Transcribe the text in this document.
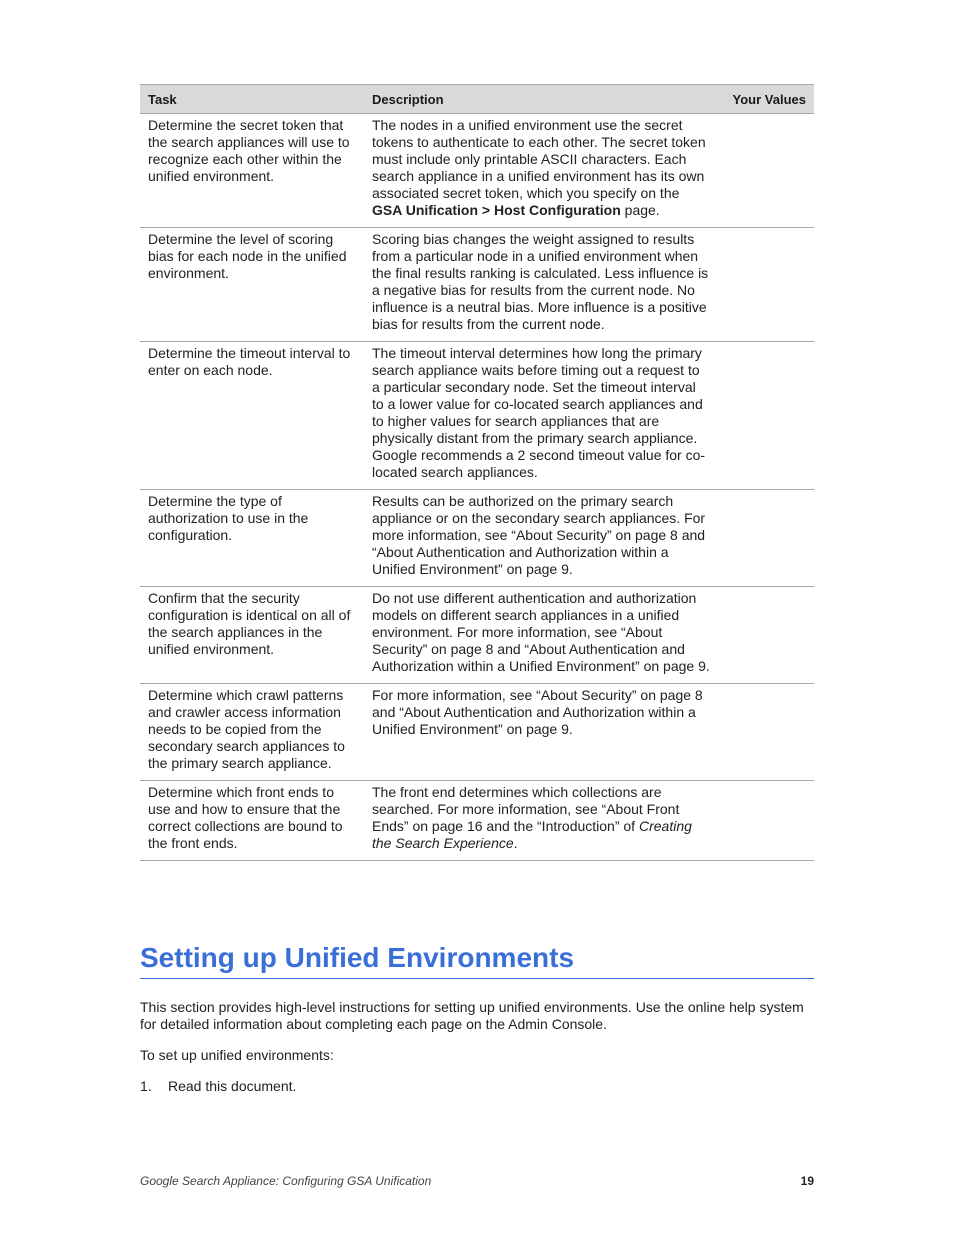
Task	Description	Your Values
Determine the secret token that the search appliances will use to recognize each other within the unified environment.	The nodes in a unified environment use the secret tokens to authenticate to each other. The secret token must include only printable ASCII characters. Each search appliance in a unified environment has its own associated secret token, which you specify on the GSA Unification > Host Configuration page.	
Determine the level of scoring bias for each node in the unified environment.	Scoring bias changes the weight assigned to results from a particular node in a unified environment when the final results ranking is calculated. Less influence is a negative bias for results from the current node. No influence is a neutral bias. More influence is a positive bias for results from the current node.	
Determine the timeout interval to enter on each node.	The timeout interval determines how long the primary search appliance waits before timing out a request to a particular secondary node. Set the timeout interval to a lower value for co-located search appliances and to higher values for search appliances that are physically distant from the primary search appliance. Google recommends a 2 second timeout value for co-located search appliances.	
Determine the type of authorization to use in the configuration.	Results can be authorized on the primary search appliance or on the secondary search appliances. For more information, see “About Security” on page 8 and “About Authentication and Authorization within a Unified Environment” on page 9.	
Confirm that the security configuration is identical on all of the search appliances in the unified environment.	Do not use different authentication and authorization models on different search appliances in a unified environment. For more information, see “About Security” on page 8 and “About Authentication and Authorization within a Unified Environment” on page 9.	
Determine which crawl patterns and crawler access information needs to be copied from the secondary search appliances to the primary search appliance.	For more information, see “About Security” on page 8 and “About Authentication and Authorization within a Unified Environment” on page 9.	
Determine which front ends to use and how to ensure that the correct collections are bound to the front ends.	The front end determines which collections are searched. For more information, see “About Front Ends” on page 16 and the “Introduction” of Creating the Search Experience.	
Setting up Unified Environments

This section provides high-level instructions for setting up unified environments. Use the online help system for detailed information about completing each page on the Admin Console.

To set up unified environments:

1. Read this document.
Google Search Appliance: Configuring GSA Unification	19
